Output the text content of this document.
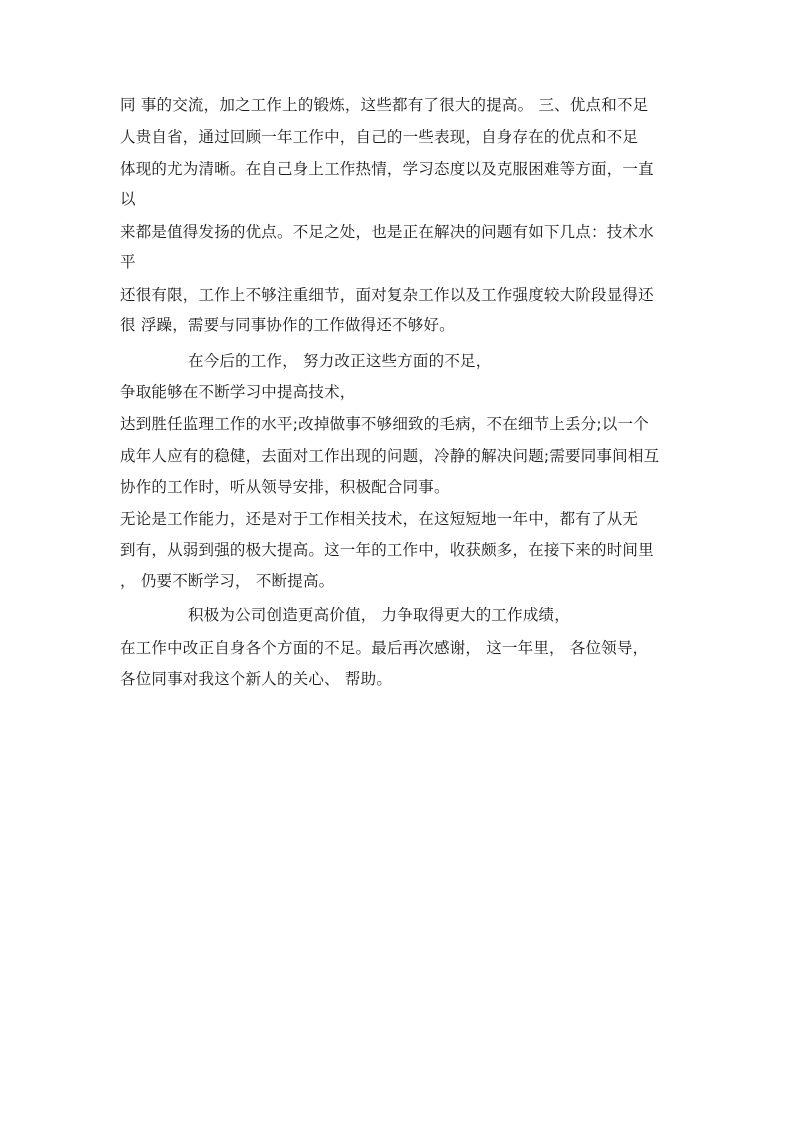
同 事的交流，加之工作上的锻炼，这些都有了很大的提高。 三、优点和不足
人贵自省，通过回顾一年工作中，自己的一些表现，自身存在的优点和不足
体现的尤为清晰。在自己身上工作热情，学习态度以及克服困难等方面，一直
以
来都是值得发扬的优点。不足之处，也是正在解决的问题有如下几点：技术水
平
还很有限，工作上不够注重细节，面对复杂工作以及工作强度较大阶段显得还
很 浮躁，需要与同事协作的工作做得还不够好。
在今后的工作， 努力改正这些方面的不足，
争取能够在不断学习中提高技术，
达到胜任监理工作的水平;改掉做事不够细致的毛病，不在细节上丢分;以一个
成年人应有的稳健，去面对工作出现的问题，冷静的解决问题;需要同事间相互
协作的工作时，听从领导安排，积极配合同事。
无论是工作能力，还是对于工作相关技术，在这短短地一年中，都有了从无
到有，从弱到强的极大提高。这一年的工作中，收获颇多，在接下来的时间里
， 仍要不断学习， 不断提高。
积极为公司创造更高价值， 力争取得更大的工作成绩，
在工作中改正自身各个方面的不足。最后再次感谢， 这一年里， 各位领导，
各位同事对我这个新人的关心、 帮助。
